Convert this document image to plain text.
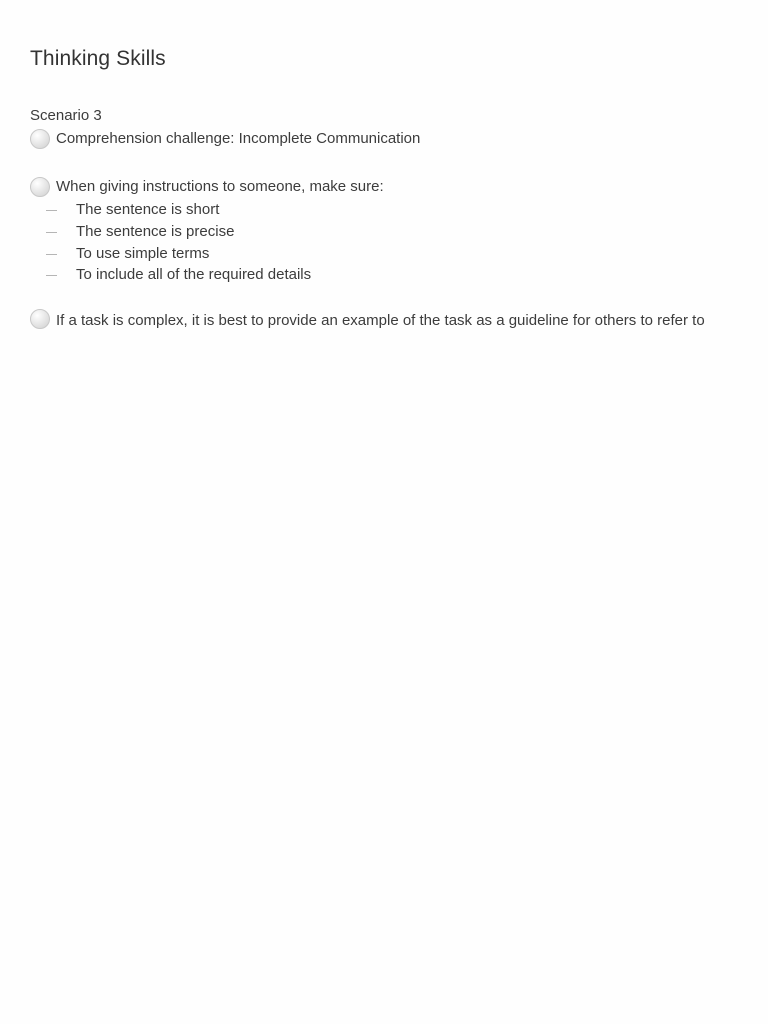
Thinking Skills
Scenario 3
Comprehension challenge: Incomplete Communication
When giving instructions to someone, make sure:
The sentence is short
The sentence is precise
To use simple terms
To include all of the required details
If a task is complex, it is best to provide an example of the task as a guideline for others to refer to
